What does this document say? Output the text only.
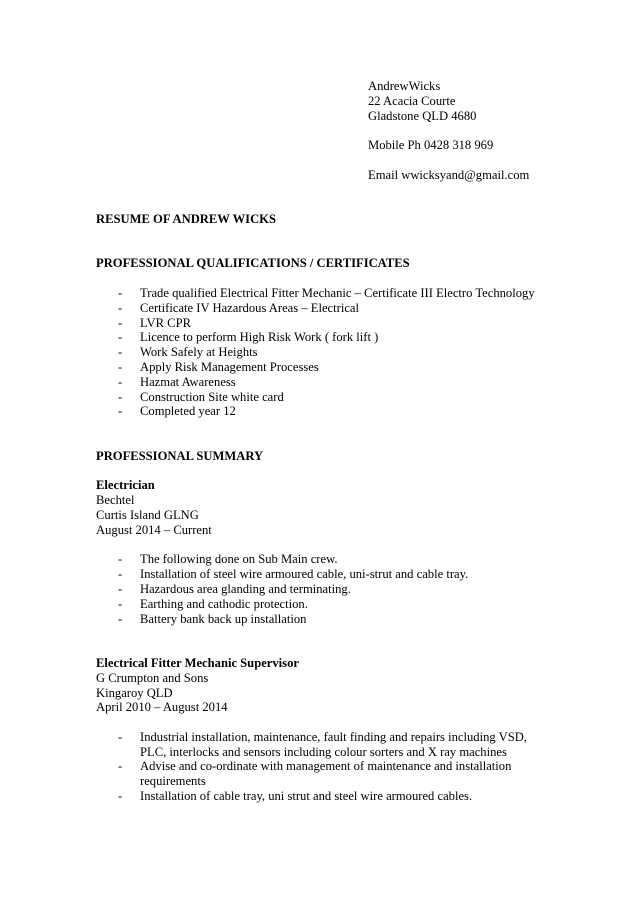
AndrewWicks
22 Acacia Courte
Gladstone QLD 4680
Mobile Ph 0428 318 969
Email wwicksyand@gmail.com
RESUME OF ANDREW WICKS
PROFESSIONAL QUALIFICATIONS / CERTIFICATES
- Trade qualified Electrical Fitter Mechanic – Certificate III Electro Technology
- Certificate IV Hazardous Areas – Electrical
- LVR CPR
- Licence to perform High Risk Work ( fork lift )
- Work Safely at Heights
- Apply Risk Management Processes
- Hazmat Awareness
- Construction Site white card
- Completed year 12
PROFESSIONAL SUMMARY
Electrician
Bechtel
Curtis Island GLNG
August 2014 – Current
- The following done on Sub Main crew.
- Installation of steel wire armoured cable, uni-strut and cable tray.
- Hazardous area glanding and terminating.
- Earthing and cathodic protection.
- Battery bank back up installation
Electrical Fitter Mechanic Supervisor
G Crumpton and Sons
Kingaroy QLD
April 2010 – August 2014
- Industrial installation, maintenance, fault finding and repairs including VSD, PLC, interlocks and sensors including colour sorters and X ray machines
- Advise and co-ordinate with management of maintenance and installation requirements
- Installation of cable tray, uni strut and steel wire armoured cables.
